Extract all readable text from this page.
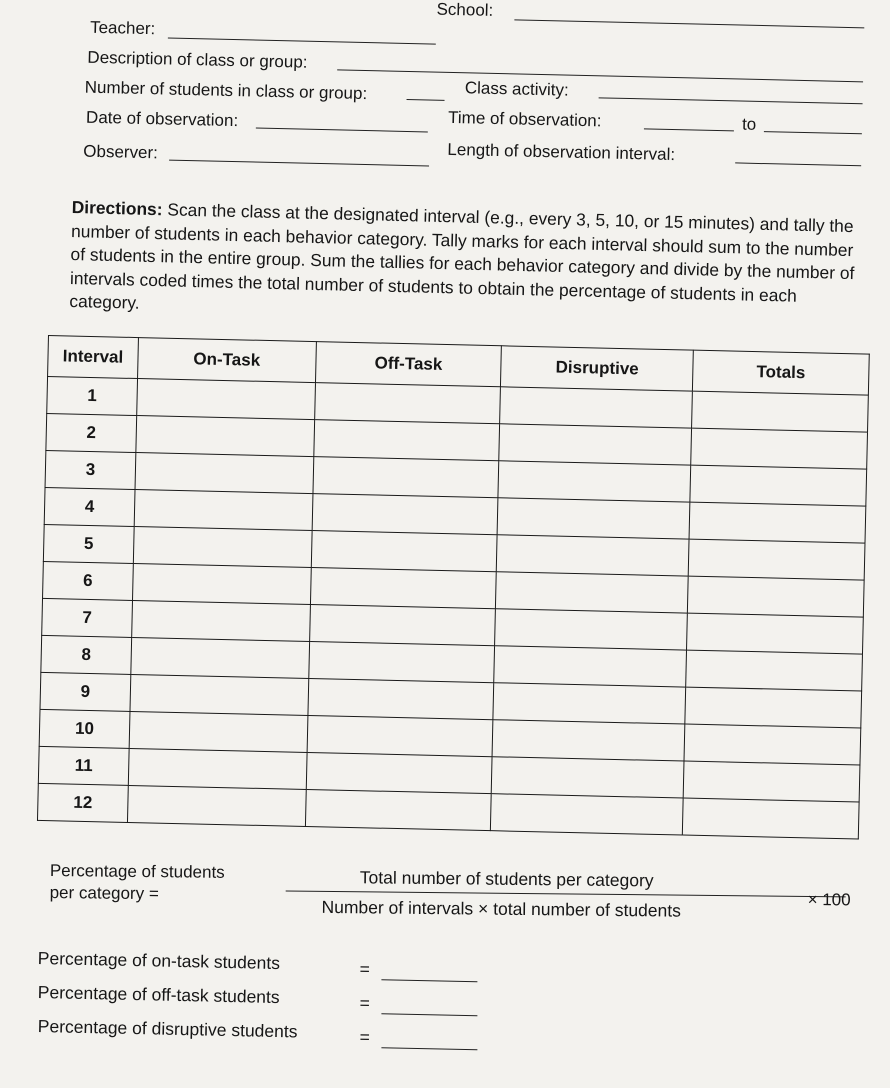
School:
Teacher:
Description of class or group:
Number of students in class or group:	Class activity:
Date of observation:	Time of observation:	to
Observer:	Length of observation interval:
Directions: Scan the class at the designated interval (e.g., every 3, 5, 10, or 15 minutes) and tally the number of students in each behavior category. Tally marks for each interval should sum to the number of students in the entire group. Sum the tallies for each behavior category and divide by the number of intervals coded times the total number of students to obtain the percentage of students in each category.
Interval	On-Task	Off-Task	Disruptive	Totals
1				
2				
3				
4				
5				
6				
7				
8				
9				
10				
11				
12				
Percentage of students
per category =
Total number of students per category
Number of intervals × total number of students	× 100
Percentage of on-task students	=
Percentage of off-task students	=
Percentage of disruptive students	=
